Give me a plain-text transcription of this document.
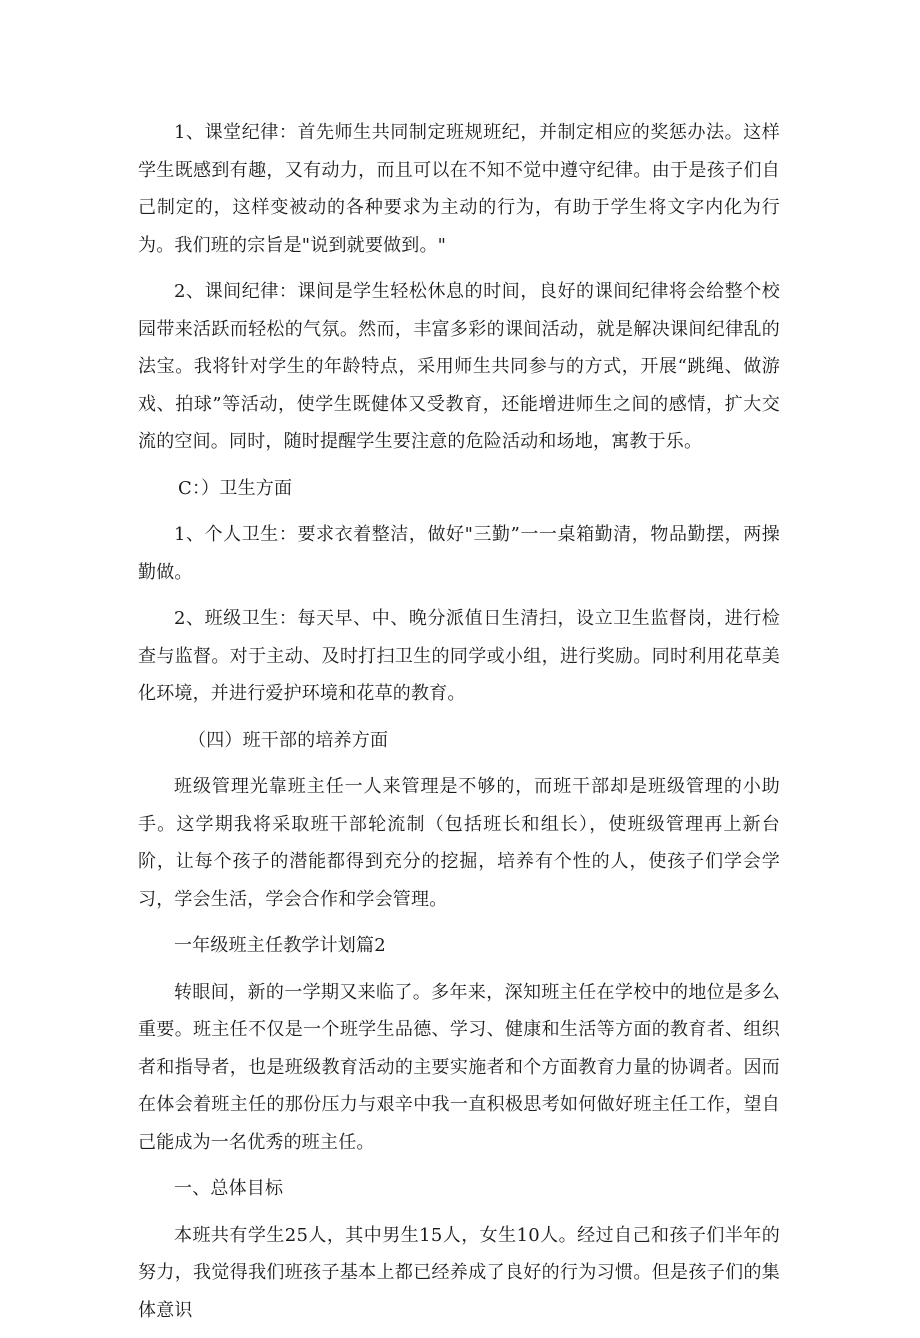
1、课堂纪律：首先师生共同制定班规班纪，并制定相应的奖惩办法。这样学生既感到有趣，又有动力，而且可以在不知不觉中遵守纪律。由于是孩子们自己制定的，这样变被动的各种要求为主动的行为，有助于学生将文字内化为行为。我们班的宗旨是"说到就要做到。"

2、课间纪律：课间是学生轻松休息的时间，良好的课间纪律将会给整个校园带来活跃而轻松的气氛。然而，丰富多彩的课间活动，就是解决课间纪律乱的法宝。我将针对学生的年龄特点，采用师生共同参与的方式，开展“跳绳、做游戏、拍球”等活动，使学生既健体又受教育，还能增进师生之间的感情，扩大交流的空间。同时，随时提醒学生要注意的危险活动和场地，寓教于乐。

C：）卫生方面

1、个人卫生：要求衣着整洁，做好"三勤”一一桌箱勤清，物品勤摆，两操勤做。

2、班级卫生：每天早、中、晚分派值日生清扫，设立卫生监督岗，进行检查与监督。对于主动、及时打扫卫生的同学或小组，进行奖励。同时利用花草美化环境，并进行爱护环境和花草的教育。

（四）班干部的培养方面

班级管理光靠班主任一人来管理是不够的，而班干部却是班级管理的小助手。这学期我将采取班干部轮流制（包括班长和组长），使班级管理再上新台阶，让每个孩子的潜能都得到充分的挖掘，培养有个性的人，使孩子们学会学习，学会生活，学会合作和学会管理。

一年级班主任教学计划篇2

转眼间，新的一学期又来临了。多年来，深知班主任在学校中的地位是多么重要。班主任不仅是一个班学生品德、学习、健康和生活等方面的教育者、组织者和指导者，也是班级教育活动的主要实施者和个方面教育力量的协调者。因而在体会着班主任的那份压力与艰辛中我一直积极思考如何做好班主任工作，望自己能成为一名优秀的班主任。

一、总体目标

本班共有学生25人，其中男生15人，女生10人。经过自己和孩子们半年的努力，我觉得我们班孩子基本上都已经养成了良好的行为习惯。但是孩子们的集体意识
